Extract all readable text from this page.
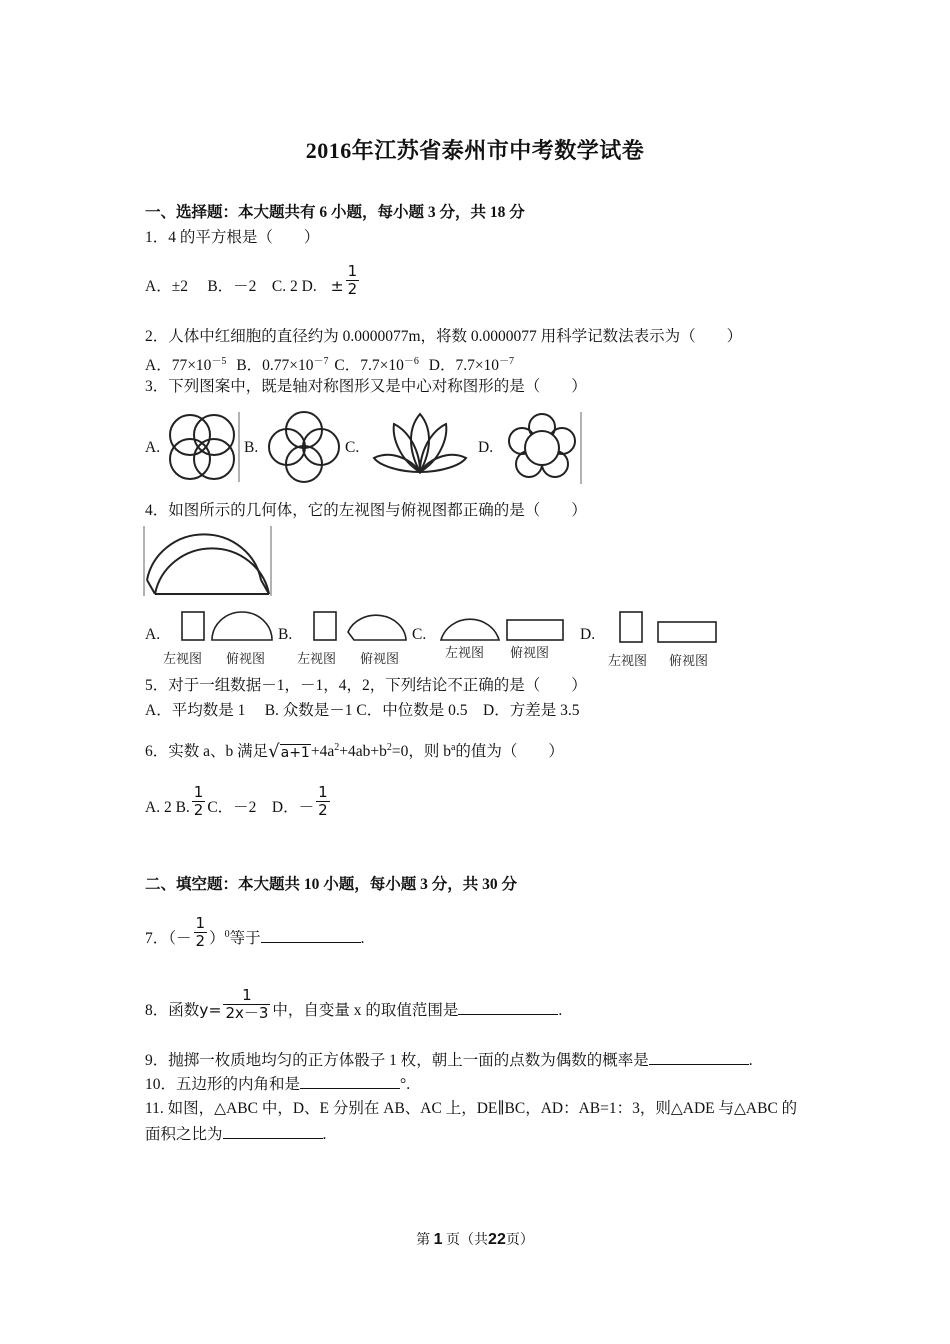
2016年江苏省泰州市中考数学试卷
一、选择题：本大题共有 6 小题，每小题 3 分，共 18 分
1．4 的平方根是（　　）
A．±2　 B．－2　C. 2 D. ± $\frac{1}{2}$
2．人体中红细胞的直径约为 0.0000077m，将数 0.0000077 用科学记数法表示为（　　）
A．$77\times 10^{-5}$ B．$0.77\times 10^{-7}$ C．$7.7\times 10^{-6}$ D．$7.7\times 10^{-7}$
3．下列图案中，既是轴对称图形又是中心对称图形的是（　　）
A.	B.	C.	D.
4．如图所示的几何体，它的左视图与俯视图都正确的是（　　）
A.
左视图 俯视图
B.
左视图 俯视图
C.
左视图 俯视图
D.
左视图 俯视图
5．对于一组数据－1，－1，4，2，下列结论不正确的是（　　）
A．平均数是 1　 B. 众数是－1 C．中位数是 0.5　D．方差是 3.5
6．实数 a、b 满足$√a+1+4a^2+4ab+b^2=0$，则 $b^a$的值为（　　）
A. 2 B. $\frac{1}{2}$ C．－2　D．－ $\frac{1}{2}$
二、填空题：本大题共 10 小题，每小题 3 分，共 30 分
7．（－ $\frac{1}{2} )^0$等于	.
8．函数$y= \frac{1}{2x-3}$ 中，自变量 x 的取值范围是	.
9．抛掷一枚质地均匀的正方体骰子 1 枚，朝上一面的点数为偶数的概率是	.
10．五边形的内角和是	°.
11. 如图，△ABC 中，D、E 分别在 AB、AC 上，DE∥BC，AD：AB=1：3，则△ADE 与△ABC 的
面积之比为	.
第 1 页（共22页）
